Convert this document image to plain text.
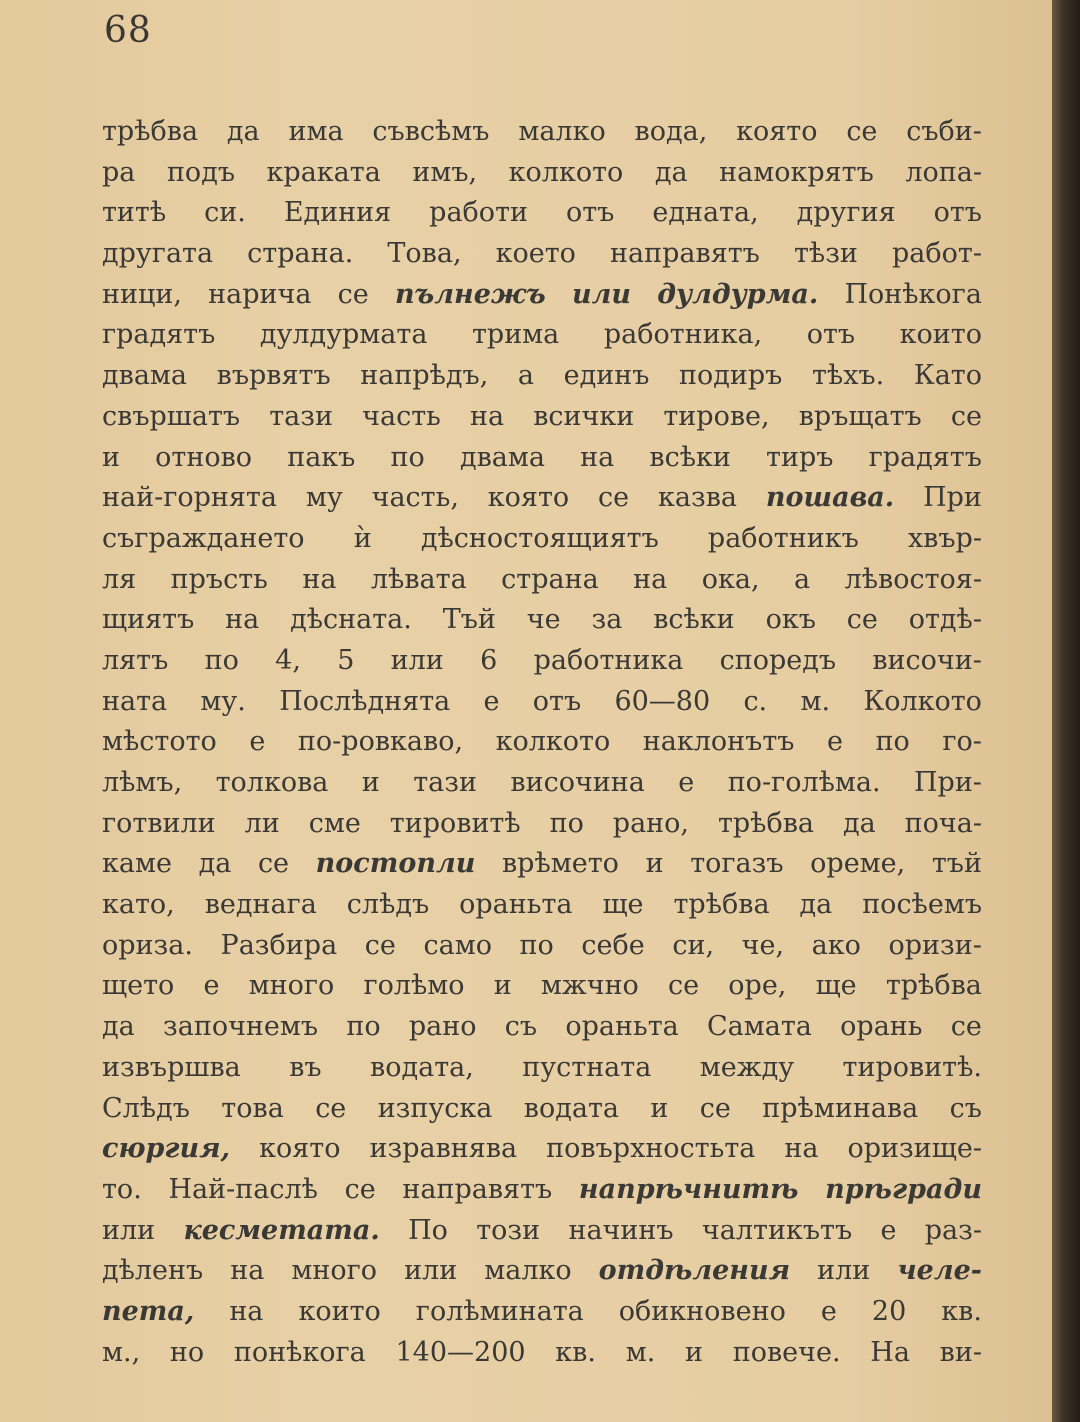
68
трѣбва да има съвсѣмъ малко вода, която се съби-
ра подъ краката имъ, колкото да намокрятъ лопа-
титѣ си. Единия работи отъ едната, другия отъ
другата страна. Това, което направятъ тѣзи работ-
ници, нарича се пълнежъ или дулдурма. Понѣкога
градятъ дулдурмата трима работника, отъ които
двама вървятъ напрѣдъ, а единъ подиръ тѣхъ. Като
свършатъ тази часть на всички тирове, връщатъ се
и отново пакъ по двама на всѣки тиръ градятъ
най-горнята му часть, която се казва пошава. При
съграждането ѝ дѣсностоящиятъ работникъ хвър-
ля пръсть на лѣвата страна на ока, а лѣвостоя-
щиятъ на дѣсната. Тъй че за всѣки окъ се отдѣ-
лятъ по 4, 5 или 6 работника споредъ височи-
ната му. Послѣднята е отъ 60—80 с. м. Колкото
мѣстото е по-ровкаво, колкото наклонътъ е по го-
лѣмъ, толкова и тази височина е по-голѣма. При-
готвили ли сме тировитѣ по рано, трѣбва да поча-
каме да се постопли врѣмето и тогазъ ореме, тъй
като, веднага слѣдъ ораньта ще трѣбва да посѣемъ
ориза. Разбира се само по себе си, че, ако оризи-
щето е много голѣмо и мжчно се оре, ще трѣбва
да започнемъ по рано съ ораньта Самата орань се
извършва въ водата, пустната между тировитѣ.
Слѣдъ това се изпуска водата и се прѣминава съ
сюргия, която изравнява повърхностьта на оризище-
то. Най-паслѣ се направятъ напрѣчнитѣ прѣгради
или кесметата. По този начинъ чалтикътъ е раз-
дѣленъ на много или малко отдѣления или челе-
пета, на които голѣмината обикновено е 20 кв.
м., но понѣкога 140—200 кв. м. и повече. На ви-
